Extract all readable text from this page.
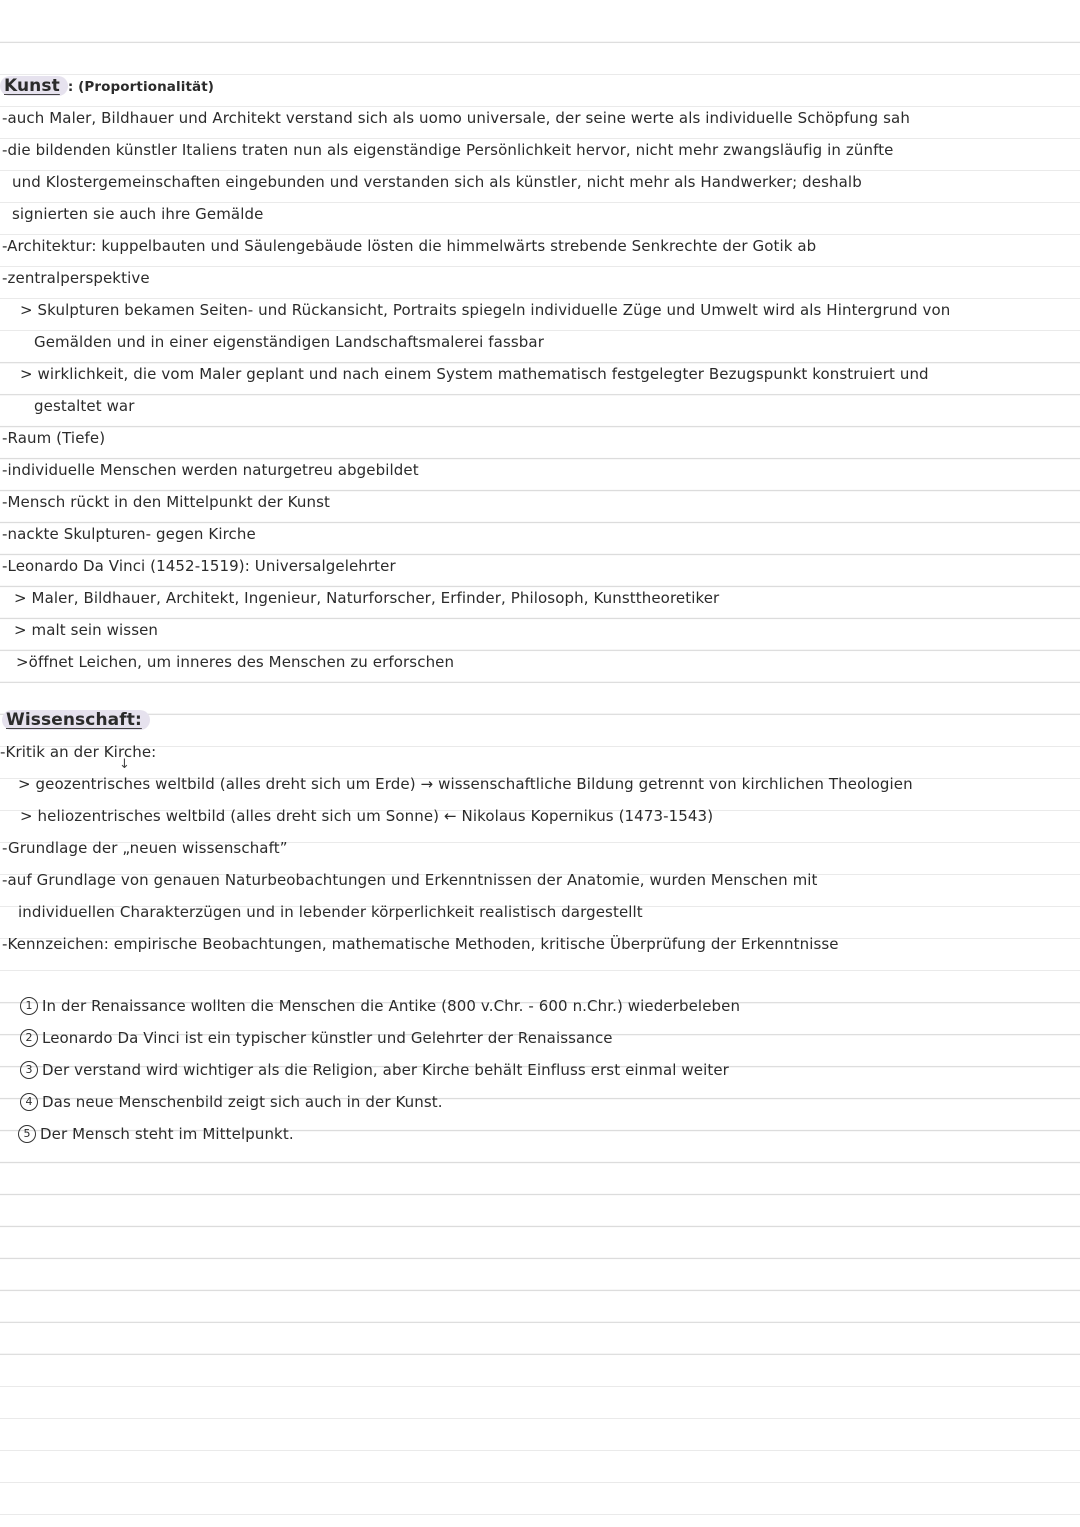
Kunst : (Proportionalität)
-auch Maler, Bildhauer und Architekt verstand sich als uomo universale, der seine werte als individuelle Schöpfung sah
-die bildenden künstler Italiens traten nun als eigenständige Persönlichkeit hervor, nicht mehr zwangsläufig in zünfte
und Klostergemeinschaften eingebunden und verstanden sich als künstler, nicht mehr als Handwerker; deshalb
signierten sie auch ihre Gemälde
-Architektur: kuppelbauten und Säulengebäude lösten die himmelwärts strebende Senkrechte der Gotik ab
-zentralperspektive
> Skulpturen bekamen Seiten- und Rückansicht, Portraits spiegeln individuelle Züge und Umwelt wird als Hintergrund von
Gemälden und in einer eigenständigen Landschaftsmalerei fassbar
> wirklichkeit, die vom Maler geplant und nach einem System mathematisch festgelegter Bezugspunkt konstruiert und
gestaltet war
-Raum (Tiefe)
-individuelle Menschen werden naturgetreu abgebildet
-Mensch rückt in den Mittelpunkt der Kunst
-nackte Skulpturen- gegen Kirche
-Leonardo Da Vinci (1452-1519): Universalgelehrter
> Maler, Bildhauer, Architekt, Ingenieur, Naturforscher, Erfinder, Philosoph, Kunsttheoretiker
> malt sein wissen
>öffnet Leichen, um inneres des Menschen zu erforschen
Wissenschaft:
-Kritik an der Kirche:
↓
> geozentrisches weltbild (alles dreht sich um Erde) → wissenschaftliche Bildung getrennt von kirchlichen Theologien
> heliozentrisches weltbild (alles dreht sich um Sonne) ← Nikolaus Kopernikus (1473-1543)
-Grundlage der „neuen wissenschaft”
-auf Grundlage von genauen Naturbeobachtungen und Erkenntnissen der Anatomie, wurden Menschen mit
individuellen Charakterzügen und in lebender körperlichkeit realistisch dargestellt
-Kennzeichen: empirische Beobachtungen, mathematische Methoden, kritische Überprüfung der Erkenntnisse
1 In der Renaissance wollten die Menschen die Antike (800 v.Chr. - 600 n.Chr.) wiederbeleben
2 Leonardo Da Vinci ist ein typischer künstler und Gelehrter der Renaissance
3 Der verstand wird wichtiger als die Religion, aber Kirche behält Einfluss erst einmal weiter
4 Das neue Menschenbild zeigt sich auch in der Kunst.
5 Der Mensch steht im Mittelpunkt.
